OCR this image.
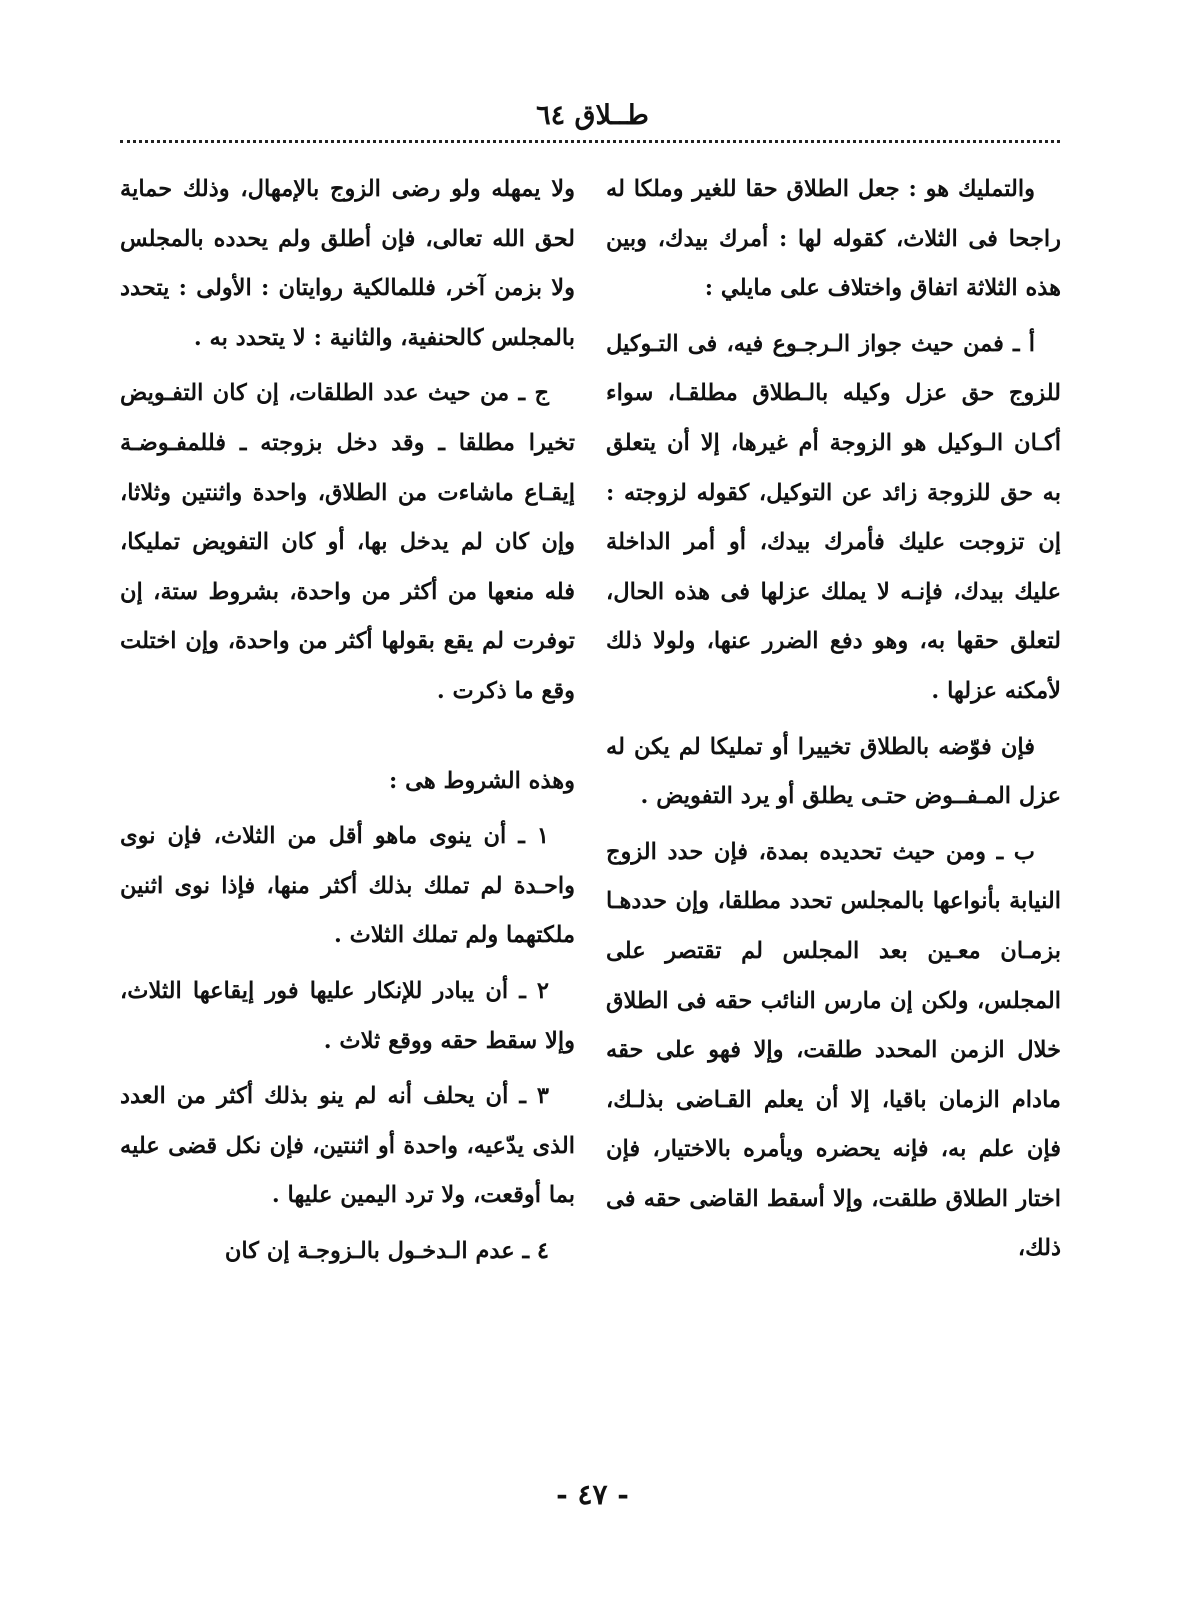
طــلاق ٦٤

والتمليك هو : جعل الطلاق حقا للغير وملكا له راجحا فى الثلاث، كقوله لها : أمرك بيدك، وبين هذه الثلاثة اتفاق واختلاف على مايلي :

أ ـ فمن حيث جواز الـرجـوع فيه، فى التـوكيل للزوج حق عزل وكيله بالـطلاق مطلقـا، سواء أكـان الـوكيل هو الزوجة أم غيرها، إلا أن يتعلق به حق للزوجة زائد عن التوكيل، كقوله لزوجته : إن تزوجت عليك فأمرك بيدك، أو أمر الداخلة عليك بيدك، فإنـه لا يملك عزلها فى هذه الحال، لتعلق حقها به، وهو دفع الضرر عنها، ولولا ذلك لأمكنه عزلها .

فإن فوّضه بالطلاق تخييرا أو تمليكا لم يكن له عزل المـفــوض حتـى يطلق أو يرد التفويض .

ب ـ ومن حيث تحديده بمدة، فإن حدد الزوج النيابة بأنواعها بالمجلس تحدد مطلقا، وإن حددهـا بزمـان معـين بعد المجلس لم تقتصر على المجلس، ولكن إن مارس النائب حقه فى الطلاق خلال الزمن المحدد طلقت، وإلا فهو على حقه مادام الزمان باقيا، إلا أن يعلم القـاضى بذلـك، فإن علم به، فإنه يحضره ويأمره بالاختيار، فإن اختار الطلاق طلقت، وإلا أسقط القاضى حقه فى ذلك،

ولا يمهله ولو رضى الزوج بالإمهال، وذلك حماية لحق الله تعالى، فإن أطلق ولم يحدده بالمجلس ولا بزمن آخر، فللمالكية روايتان : الأولى : يتحدد بالمجلس كالحنفية، والثانية : لا يتحدد به .

ج ـ من حيث عدد الطلقات، إن كان التفـويض تخيرا مطلقا ـ وقد دخل بزوجته ـ فللمفـوضـة إيقـاع ماشاءت من الطلاق، واحدة واثنتين وثلاثا، وإن كان لم يدخل بها، أو كان التفويض تمليكا، فله منعها من أكثر من واحدة، بشروط ستة، إن توفرت لم يقع بقولها أكثر من واحدة، وإن اختلت وقع ما ذكرت .

وهذه الشروط هى :

١ ـ أن ينوى ماهو أقل من الثلاث، فإن نوى واحـدة لم تملك بذلك أكثر منها، فإذا نوى اثنين ملكتهما ولم تملك الثلاث .

٢ ـ أن يبادر للإنكار عليها فور إيقاعها الثلاث، وإلا سقط حقه ووقع ثلاث .

٣ ـ أن يحلف أنه لم ينو بذلك أكثر من العدد الذى يدّعيه، واحدة أو اثنتين، فإن نكل قضى عليه بما أوقعت، ولا ترد اليمين عليها .

٤ ـ عدم الـدخـول بالـزوجـة إن كان

- ٤٧ -
